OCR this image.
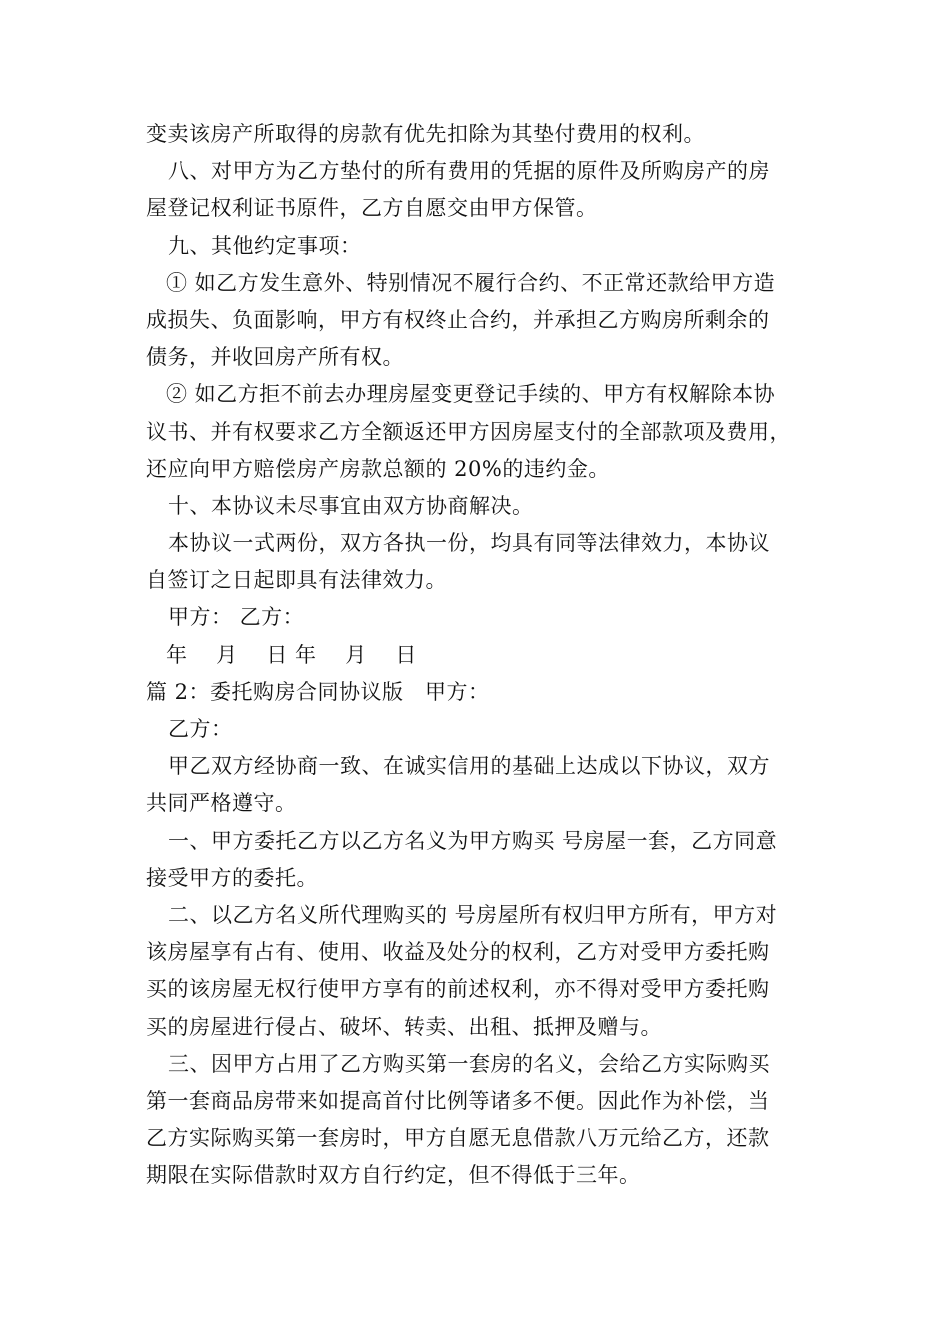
变卖该房产所取得的房款有优先扣除为其垫付费用的权利。
八、对甲方为乙方垫付的所有费用的凭据的原件及所购房产的房
屋登记权利证书原件，乙方自愿交由甲方保管。
九、其他约定事项：
① 如乙方发生意外、特别情况不履行合约、不正常还款给甲方造
成损失、负面影响，甲方有权终止合约，并承担乙方购房所剩余的
债务，并收回房产所有权。
② 如乙方拒不前去办理房屋变更登记手续的、甲方有权解除本协
议书、并有权要求乙方全额返还甲方因房屋支付的全部款项及费用，
还应向甲方赔偿房产房款总额的 20%的违约金。
十、本协议未尽事宜由双方协商解决。
本协议一式两份，双方各执一份，均具有同等法律效力，本协议
自签订之日起即具有法律效力。
甲方： 乙方：
年　 月　 日 年　 月　 日
篇 2：委托购房合同协议版　甲方：
乙方：
甲乙双方经协商一致、在诚实信用的基础上达成以下协议，双方
共同严格遵守。
一、甲方委托乙方以乙方名义为甲方购买 号房屋一套，乙方同意
接受甲方的委托。
二、以乙方名义所代理购买的 号房屋所有权归甲方所有，甲方对
该房屋享有占有、使用、收益及处分的权利，乙方对受甲方委托购
买的该房屋无权行使甲方享有的前述权利，亦不得对受甲方委托购
买的房屋进行侵占、破坏、转卖、出租、抵押及赠与。
三、因甲方占用了乙方购买第一套房的名义，会给乙方实际购买
第一套商品房带来如提高首付比例等诸多不便。因此作为补偿，当
乙方实际购买第一套房时，甲方自愿无息借款八万元给乙方，还款
期限在实际借款时双方自行约定，但不得低于三年。
